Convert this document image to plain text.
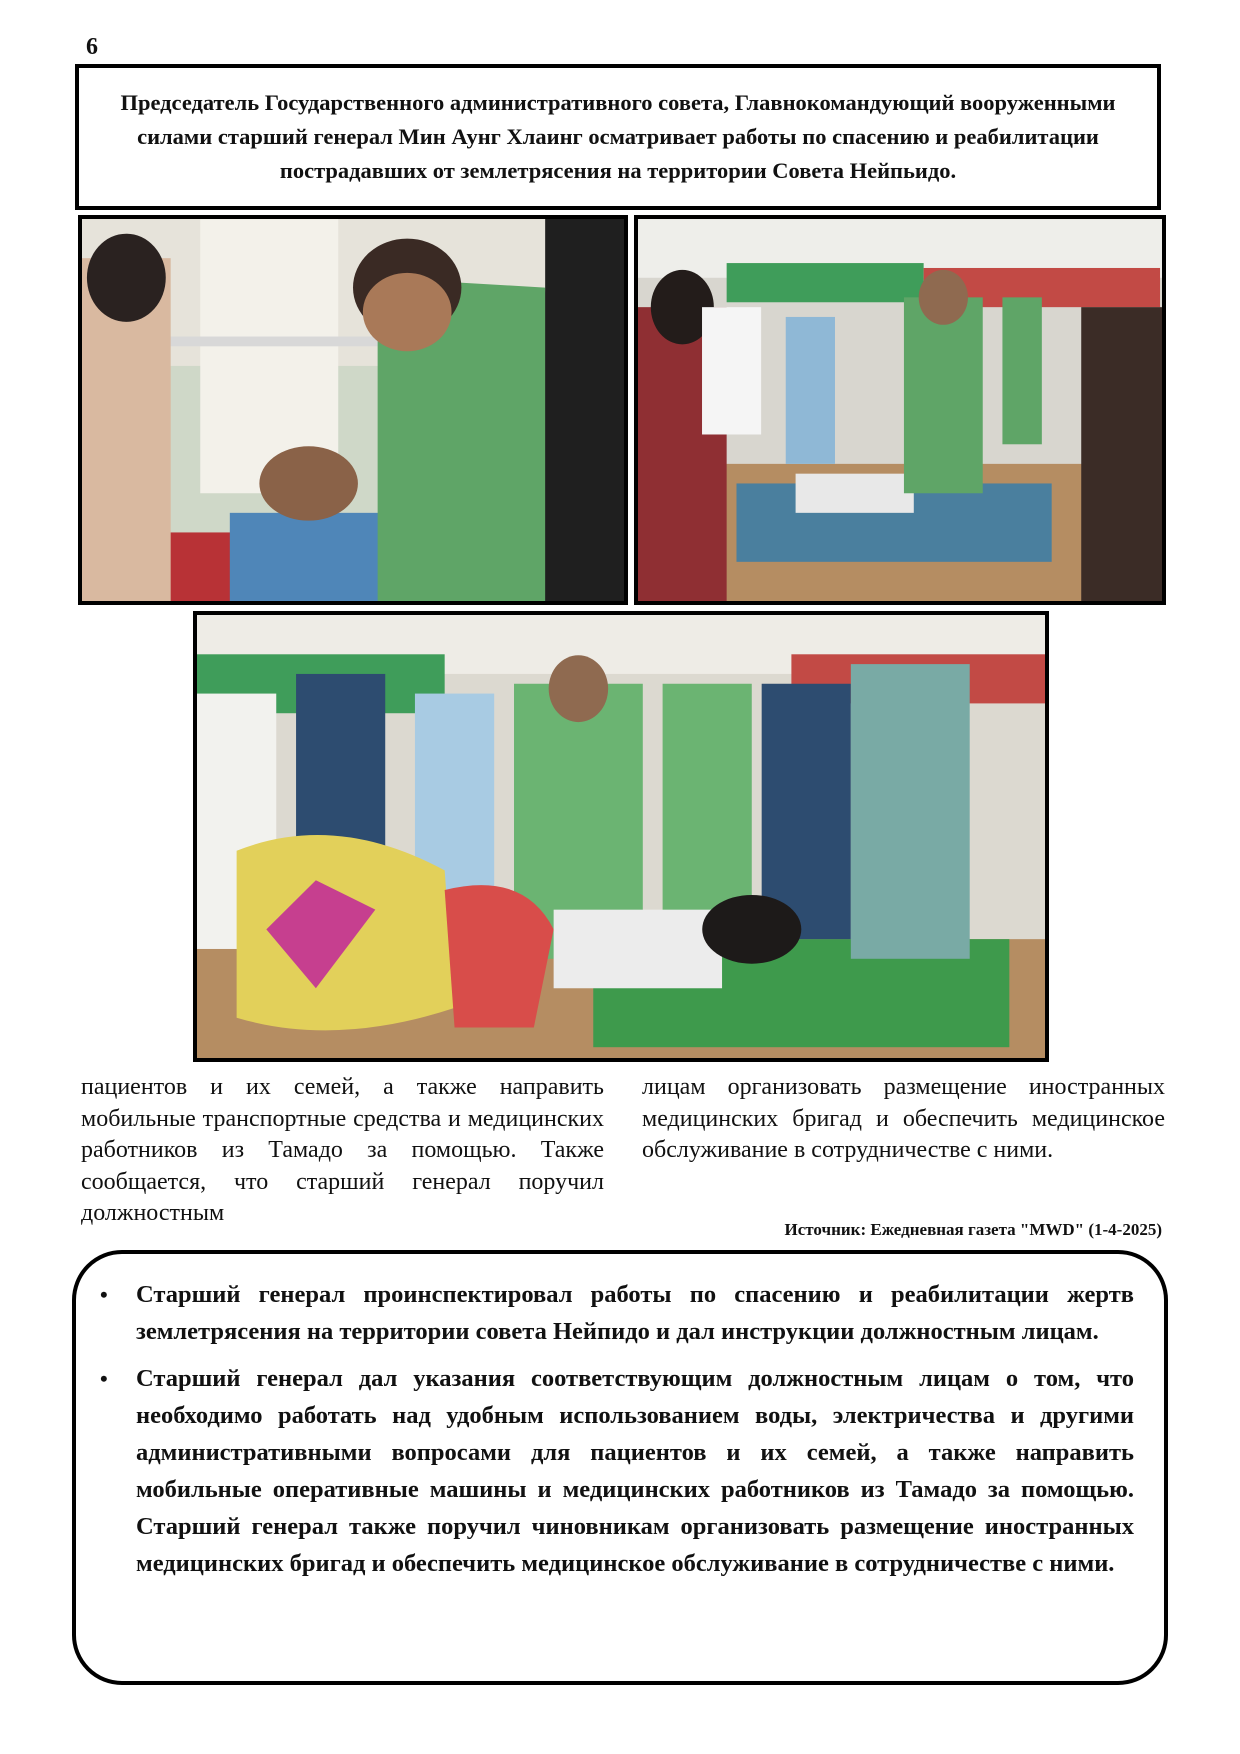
6

Председатель Государственного административного совета, Главнокомандующий вооруженными силами старший генерал Мин Аунг Хлаинг осматривает работы по спасению и реабилитации пострадавших от землетрясения на территории Совета Нейпьидо.

пациентов и их семей, а также направить мобильные транспортные средства и медицинских работников из Тамадо за помощью. Также сообщается, что старший генерал поручил должностным
лицам организовать размещение иностранных медицинских бригад и обеспечить медицинское обслуживание в сотрудничестве с ними.
Источник: Ежедневная газета "MWD" (1-4-2025)
• Старший генерал проинспектировал работы по спасению и реабилитации жертв землетрясения на территории совета Нейпидо и дал инструкции должностным лицам.
• Старший генерал дал указания соответствующим должностным лицам о том, что необходимо работать над удобным использованием воды, электричества и другими административными вопросами для пациентов и их семей, а также направить мобильные оперативные машины и медицинских работников из Тамадо за помощью. Старший генерал также поручил чиновникам организовать размещение иностранных медицинских бригад и обеспечить медицинское обслуживание в сотрудничестве с ними.
